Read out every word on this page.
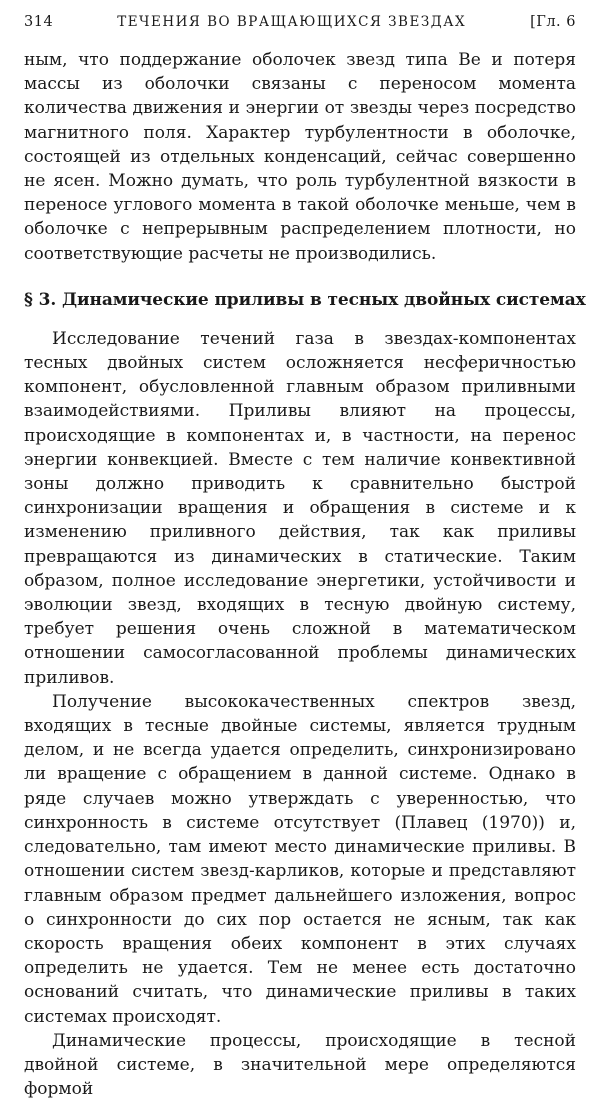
314	ТЕЧЕНИЯ ВО ВРАЩАЮЩИХСЯ ЗВЕЗДАХ	[Гл. 6

ным, что поддержание оболочек звезд типа Be и потеря массы из оболочки связаны с переносом момента количества движения и энергии от звезды через посредство магнитного поля. Характер турбулентности в оболочке, состоящей из отдельных конденсаций, сейчас совершенно не ясен. Можно думать, что роль турбулентной вязкости в переносе углового момента в такой оболочке меньше, чем в оболочке с непрерывным распределением плотности, но соответствующие расчеты не производились.

§ 3. Динамические приливы в тесных двойных системах

Исследование течений газа в звездах-компонентах тесных двойных систем осложняется несферичностью компонент, обусловленной главным образом приливными взаимодействиями. Приливы влияют на процессы, происходящие в компонентах и, в частности, на перенос энергии конвекцией. Вместе с тем наличие конвективной зоны должно приводить к сравнительно быстрой синхронизации вращения и обращения в системе и к изменению приливного действия, так как приливы превращаются из динамических в статические. Таким образом, полное исследование энергетики, устойчивости и эволюции звезд, входящих в тесную двойную систему, требует решения очень сложной в математическом отношении самосогласованной проблемы динамических приливов.

Получение высококачественных спектров звезд, входящих в тесные двойные системы, является трудным делом, и не всегда удается определить, синхронизировано ли вращение с обращением в данной системе. Однако в ряде случаев можно утверждать с уверенностью, что синхронность в системе отсутствует (Плавец (1970)) и, следовательно, там имеют место динамические приливы. В отношении систем звезд-карликов, которые и представляют главным образом предмет дальнейшего изложения, вопрос о синхронности до сих пор остается не ясным, так как скорость вращения обеих компонент в этих случаях определить не удается. Тем не менее есть достаточно оснований считать, что динамические приливы в таких системах происходят.

Динамические процессы, происходящие в тесной двойной системе, в значительной мере определяются формой
